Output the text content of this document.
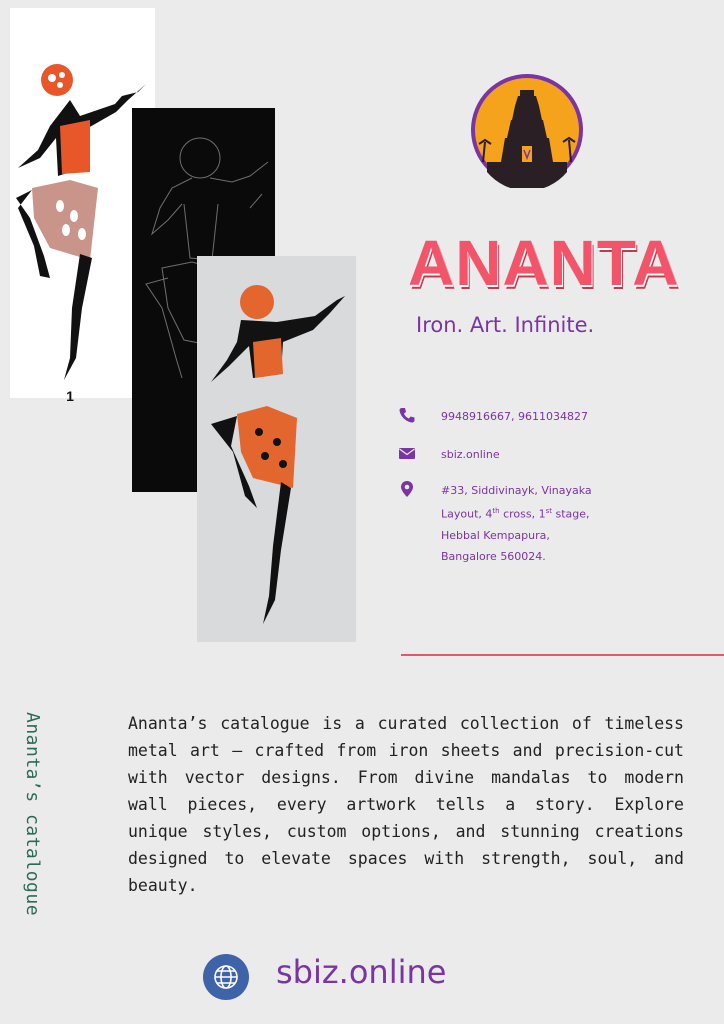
1
ANANTA
Iron. Art. Infinite.
9948916667, 9611034827
sbiz.online
#33, Siddivinayk, Vinayaka
Layout, 4th cross, 1st stage,
Hebbal Kempapura,
Bangalore 560024.
Ananta’s catalogue	Ananta’s catalogue is a curated collection of timeless metal art — crafted from iron sheets and precision-cut with vector designs. From divine mandalas to modern wall pieces, every artwork tells a story. Explore unique styles, custom options, and stunning creations designed to elevate spaces with strength, soul, and beauty.
sbiz.online
